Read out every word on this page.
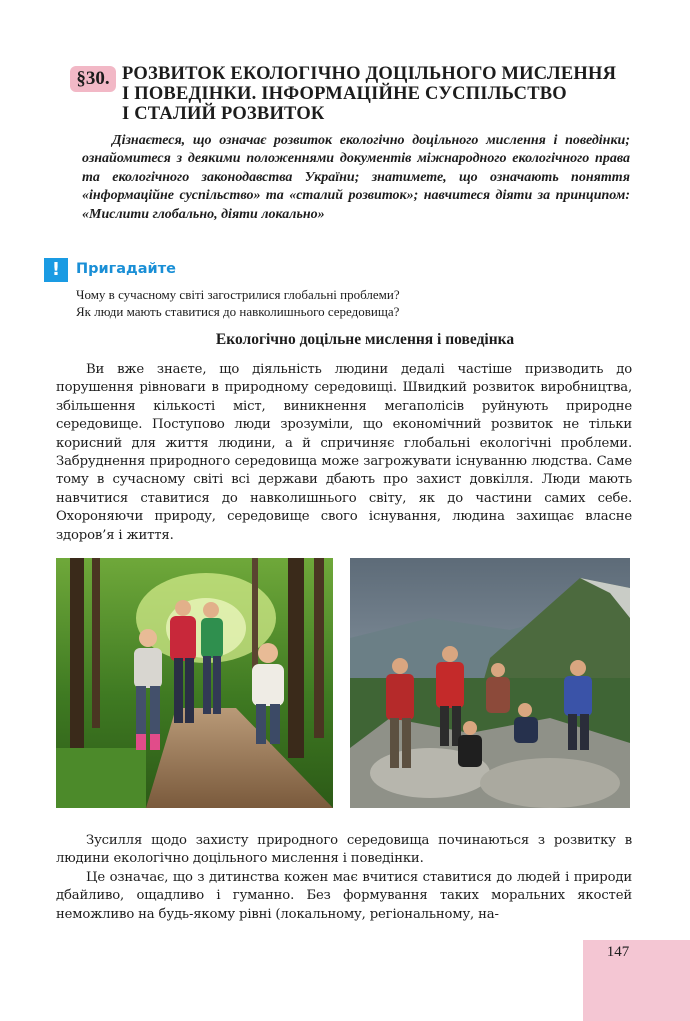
§30. РОЗВИТОК ЕКОЛОГІЧНО ДОЦІЛЬНОГО МИСЛЕННЯ
І ПОВЕДІНКИ. ІНФОРМАЦІЙНЕ СУСПІЛЬСТВО
І СТАЛИЙ РОЗВИТОК
Дізнаєтеся, що означає розвиток екологічно доцільного мислення і поведінки; ознайомитеся з деякими положеннями документів міжнародного екологічного права та екологічного законодавства України; знатимете, що означають поняття «інформаційне суспільство» та «сталий розвиток»; навчитеся діяти за принципом: «Мислити глобально, діяти локально»
!	Пригадайте
Чому в сучасному світі загострилися глобальні проблеми?
Як люди мають ставитися до навколишнього середовища?
Екологічно доцільне мислення і поведінка
Ви вже знаєте, що діяльність людини дедалі частіше призводить до порушення рівноваги в природному середовищі. Швидкий розвиток виробництва, збільшення кількості міст, виникнення мегаполісів руйнують природне середовище. Поступово люди зрозуміли, що економічний розвиток не тільки корисний для життя людини, а й спричиняє глобальні екологічні проблеми. Забруднення природного середовища може загрожувати існуванню людства. Саме тому в сучасному світі всі держави дбають про захист довкілля. Люди мають навчитися ставитися до навколишнього світу, як до частини самих себе. Охороняючи природу, середовище свого існування, людина захищає власне здоров’я і життя.
Зусилля щодо захисту природного середовища починаються з розвитку в людини екологічно доцільного мислення і поведінки.
Це означає, що з дитинства кожен має вчитися ставитися до людей і природи дбайливо, ощадливо і гуманно. Без формування таких моральних якостей неможливо на будь-якому рівні (локальному, регіональному, на-
147
